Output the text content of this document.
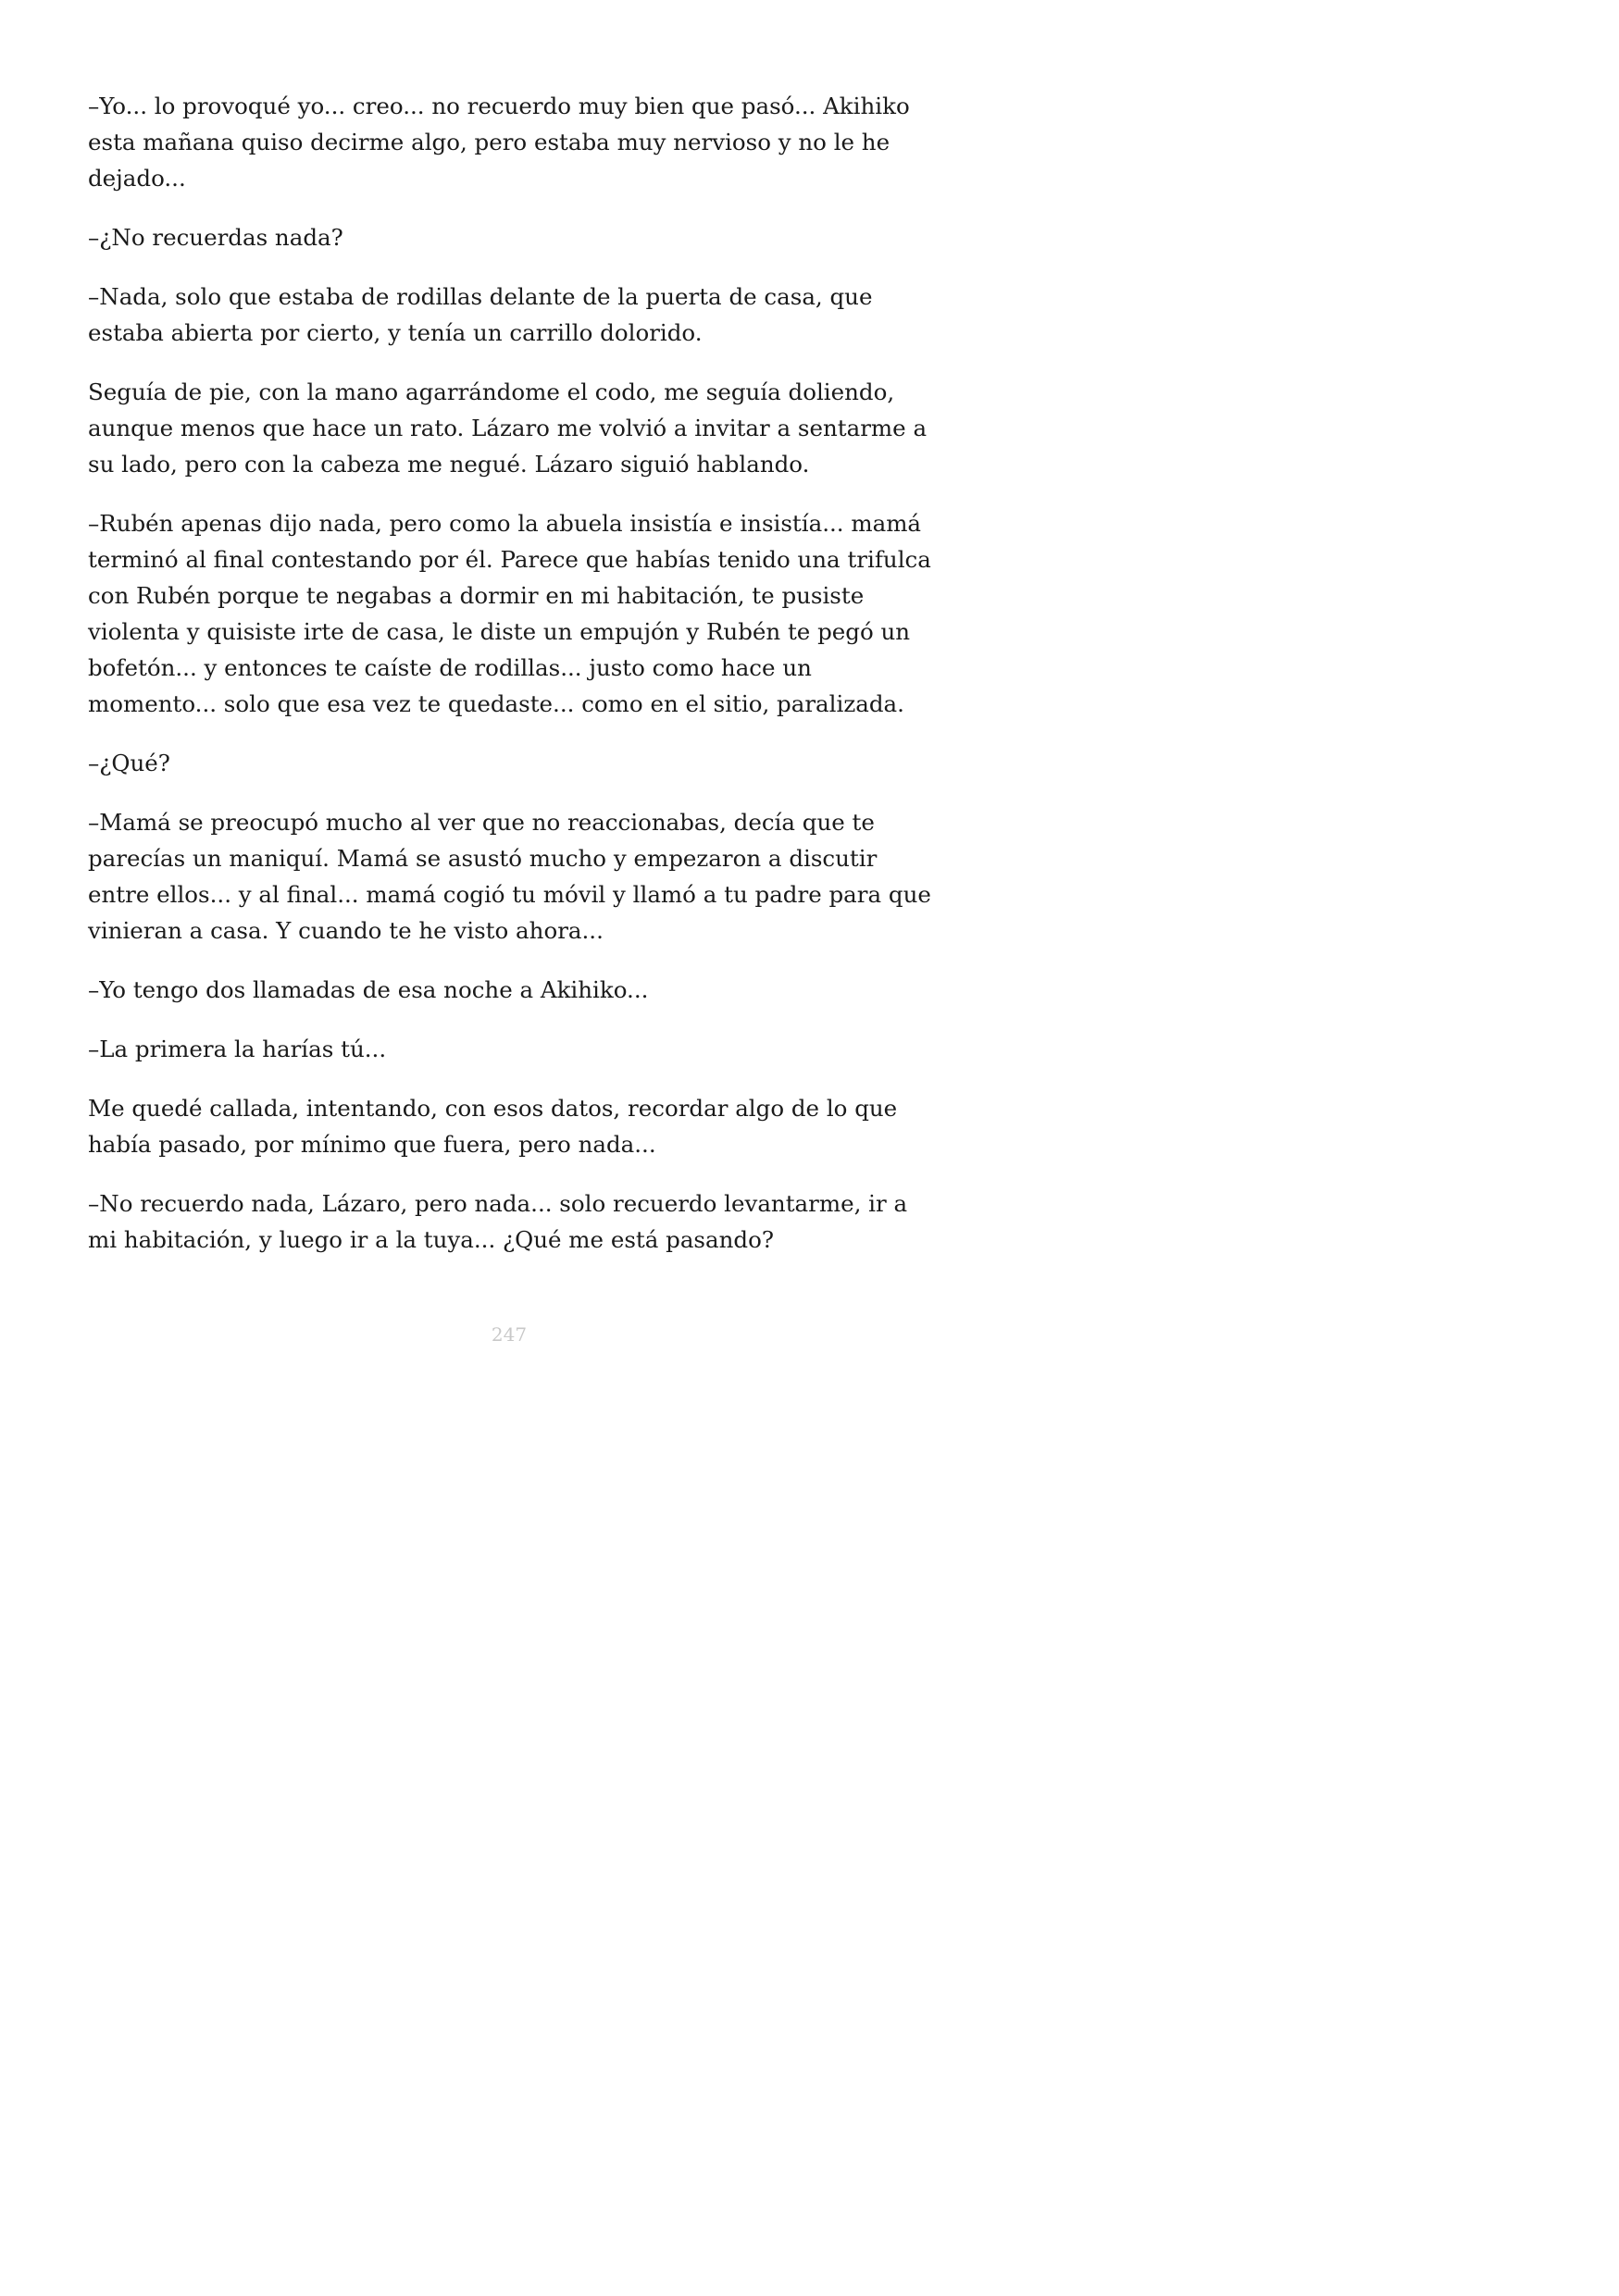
–Yo... lo provoqué yo... creo... no recuerdo muy bien que pasó... Akihiko esta mañana quiso decirme algo, pero estaba muy nervioso y no le he dejado...

–¿No recuerdas nada?

–Nada, solo que estaba de rodillas delante de la puerta de casa, que estaba abierta por cierto, y tenía un carrillo dolorido.

Seguía de pie, con la mano agarrándome el codo, me seguía doliendo, aunque menos que hace un rato. Lázaro me volvió a invitar a sentarme a su lado, pero con la cabeza me negué. Lázaro siguió hablando.

–Rubén apenas dijo nada, pero como la abuela insistía e insistía... mamá terminó al final contestando por él. Parece que habías tenido una trifulca con Rubén porque te negabas a dormir en mi habitación, te pusiste violenta y quisiste irte de casa, le diste un empujón y Rubén te pegó un bofetón... y entonces te caíste de rodillas... justo como hace un momento... solo que esa vez te quedaste... como en el sitio, paralizada.

–¿Qué?

–Mamá se preocupó mucho al ver que no reaccionabas, decía que te parecías un maniquí. Mamá se asustó mucho y empezaron a discutir entre ellos... y al final... mamá cogió tu móvil y llamó a tu padre para que vinieran a casa. Y cuando te he visto ahora...

–Yo tengo dos llamadas de esa noche a Akihiko...

–La primera la harías tú...

Me quedé callada, intentando, con esos datos, recordar algo de lo que había pasado, por mínimo que fuera, pero nada...

–No recuerdo nada, Lázaro, pero nada... solo recuerdo levantarme, ir a mi habitación, y luego ir a la tuya... ¿Qué me está pasando?

247
